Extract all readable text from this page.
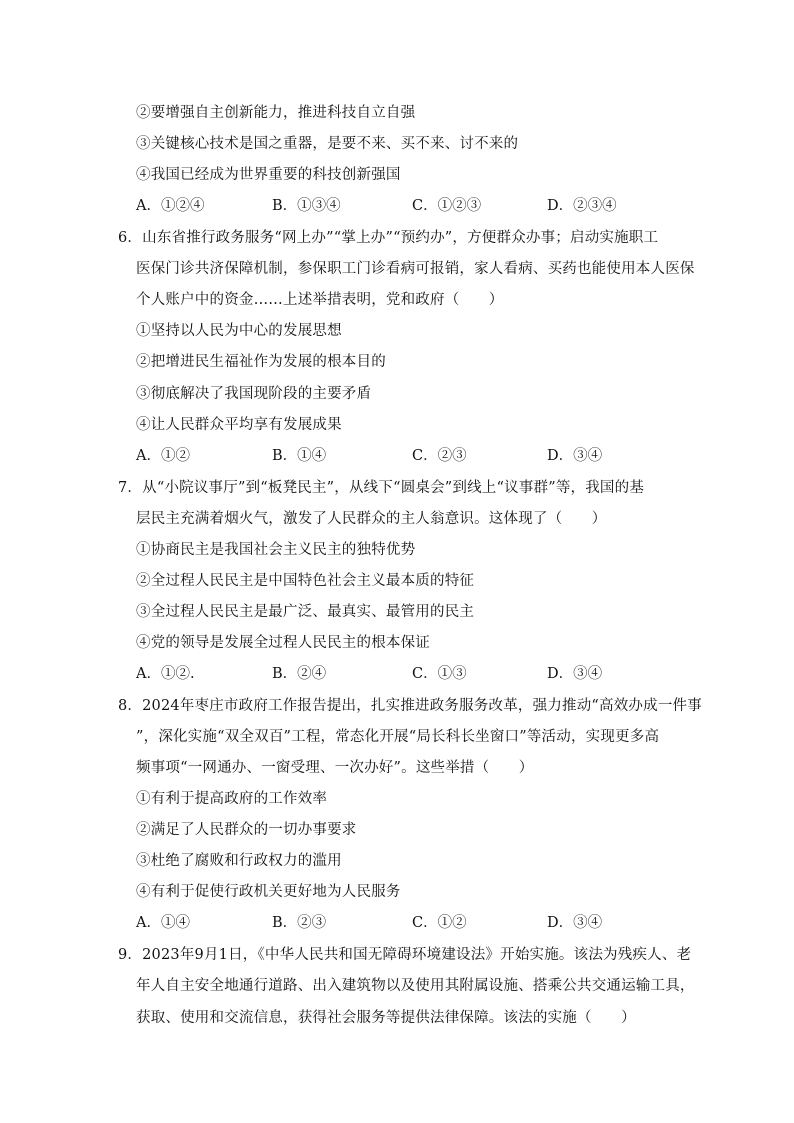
②要增强自主创新能力，推进科技自立自强
③关键核心技术是国之重器，是要不来、买不来、讨不来的
④我国已经成为世界重要的科技创新强国
A．①②④	B．①③④	C．①②③	D．②③④
6．山东省推行政务服务“网上办”“掌上办”“预约办”，方便群众办事；启动实施职工
医保门诊共济保障机制，参保职工门诊看病可报销，家人看病、买药也能使用本人医保
个人账户中的资金……上述举措表明，党和政府（　　）
①坚持以人民为中心的发展思想
②把增进民生福祉作为发展的根本目的
③彻底解决了我国现阶段的主要矛盾
④让人民群众平均享有发展成果
A．①②	B．①④	C．②③	D．③④
7．从“小院议事厅”到“板凳民主”，从线下“圆桌会”到线上“议事群”等，我国的基
层民主充满着烟火气，激发了人民群众的主人翁意识。这体现了（　　）
①协商民主是我国社会主义民主的独特优势
②全过程人民民主是中国特色社会主义最本质的特征
③全过程人民民主是最广泛、最真实、最管用的民主
④党的领导是发展全过程人民民主的根本保证
A．①②.	B．②④	C．①③	D．③④
8．2024年枣庄市政府工作报告提出，扎实推进政务服务改革，强力推动“高效办成一件事
”，深化实施“双全双百”工程，常态化开展“局长科长坐窗口”等活动，实现更多高
频事项“一网通办、一窗受理、一次办好”。这些举措（　　）
①有利于提高政府的工作效率
②满足了人民群众的一切办事要求
③杜绝了腐败和行政权力的滥用
④有利于促使行政机关更好地为人民服务
A．①④	B．②③	C．①②	D．③④
9．2023年9月1日，《中华人民共和国无障碍环境建设法》开始实施。该法为残疾人、老
年人自主安全地通行道路、出入建筑物以及使用其附属设施、搭乘公共交通运输工具，
获取、使用和交流信息，获得社会服务等提供法律保障。该法的实施（　　）
